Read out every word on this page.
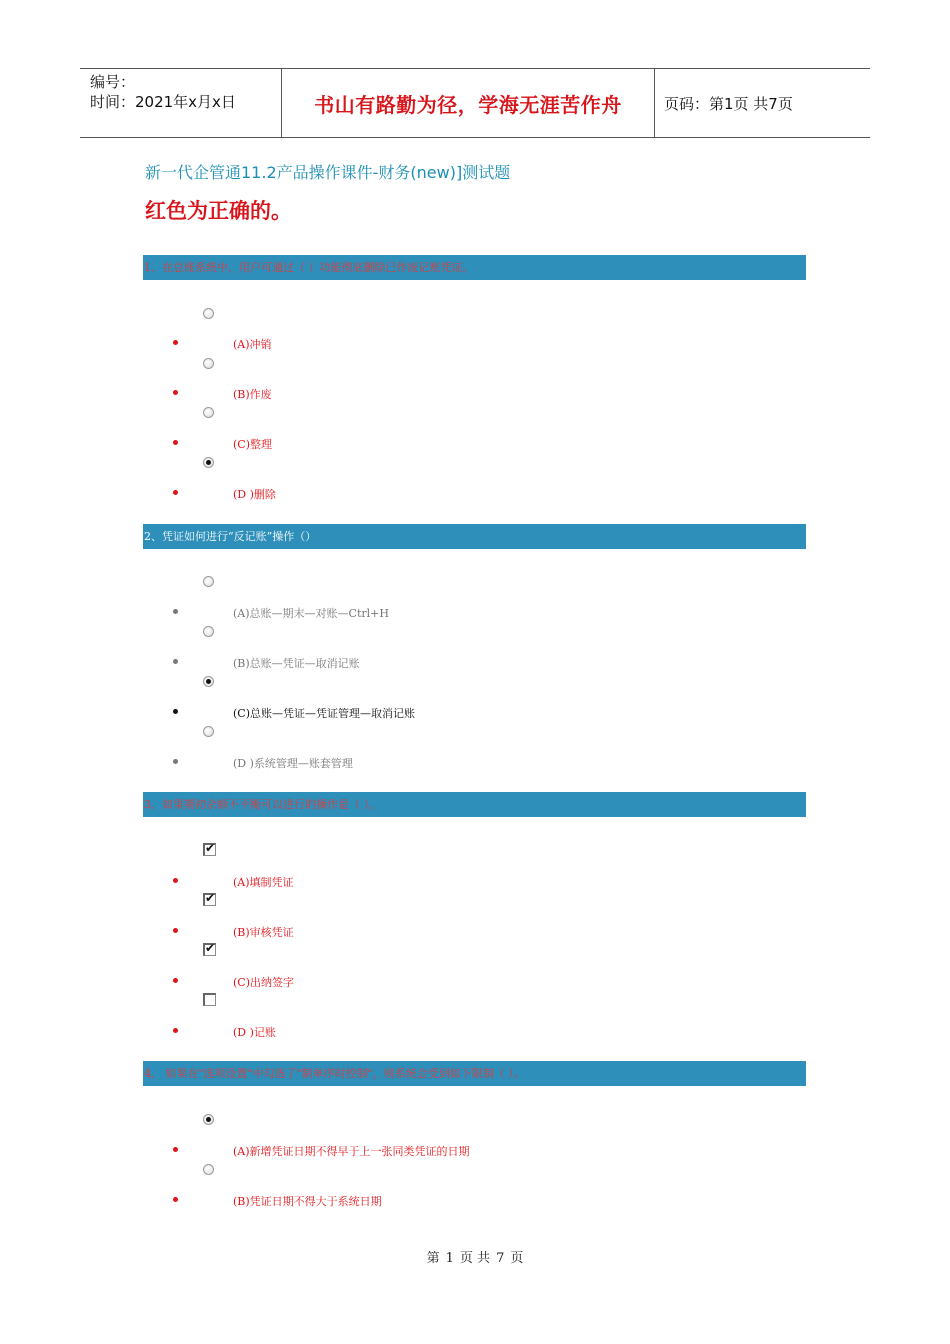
编号：
时间：2021年x月x日	书山有路勤为径，学海无涯苦作舟	页码：第1页 共7页
新一代企管通11.2产品操作课件-财务(new)]测试题
红色为正确的。
1、在总账系统中，用户可通过（ ）功能彻底删除已作废记账凭证。
(A)冲销
(B)作废
(C)整理
(D )删除
2、凭证如何进行“反记账”操作（）
(A)总账—期末—对账—Ctrl+H
(B)总账—凭证—取消记账
(C)总账—凭证—凭证管理—取消记账
(D )系统管理—账套管理
3、如果期初余额不平衡可以进行的操作是（ ）。
✔
(A)填制凭证
✔
(B)审核凭证
✔
(C)出纳签字
(D )记账
4、 如果在"选项设置"中勾选了"制单序时控制"，则系统会受到如下限制（ ）。
(A)新增凭证日期不得早于上一张同类凭证的日期
(B)凭证日期不得大于系统日期
第 1 页 共 7 页
